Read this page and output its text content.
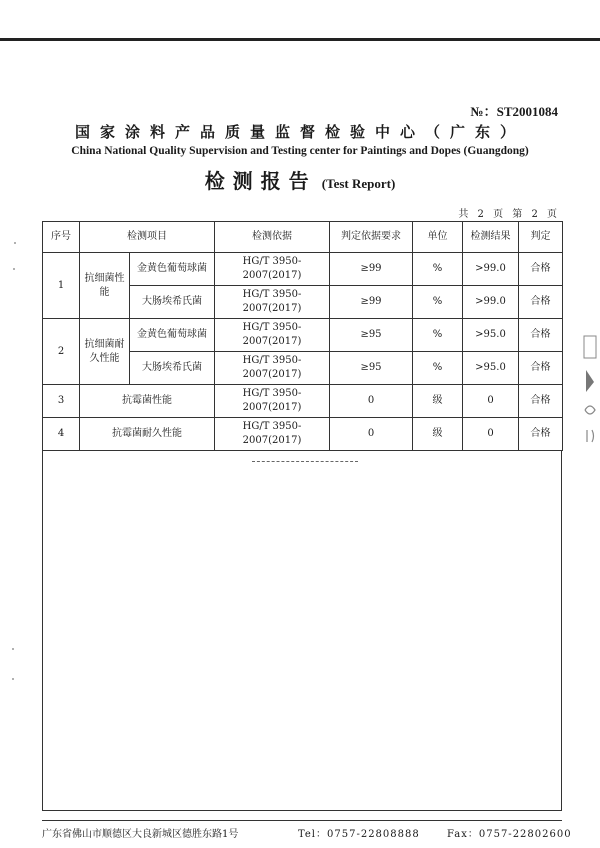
№：ST2001084
国家涂料产品质量监督检验中心（广东）
China National Quality Supervision and Testing center for Paintings and Dopes (Guangdong)
检测报告 (Test Report)
共 2 页 第 2 页
序号	检测项目		检测依据	判定依据要求	单位	检测结果	判定
1	抗细菌性能	金黄色葡萄球菌	HG/T 3950-2007(2017)	≥99	%	>99.0	合格
		大肠埃希氏菌	HG/T 3950-2007(2017)	≥99	%	>99.0	合格
2	抗细菌耐久性能	金黄色葡萄球菌	HG/T 3950-2007(2017)	≥95	%	>95.0	合格
		大肠埃希氏菌	HG/T 3950-2007(2017)	≥95	%	>95.0	合格
3	抗霉菌性能		HG/T 3950-2007(2017)	0	级	0	合格
4	抗霉菌耐久性能		HG/T 3950-2007(2017)	0	级	0	合格
广东省佛山市顺德区大良新城区德胜东路1号	Tel：0757-22808888	Fax：0757-22802600
